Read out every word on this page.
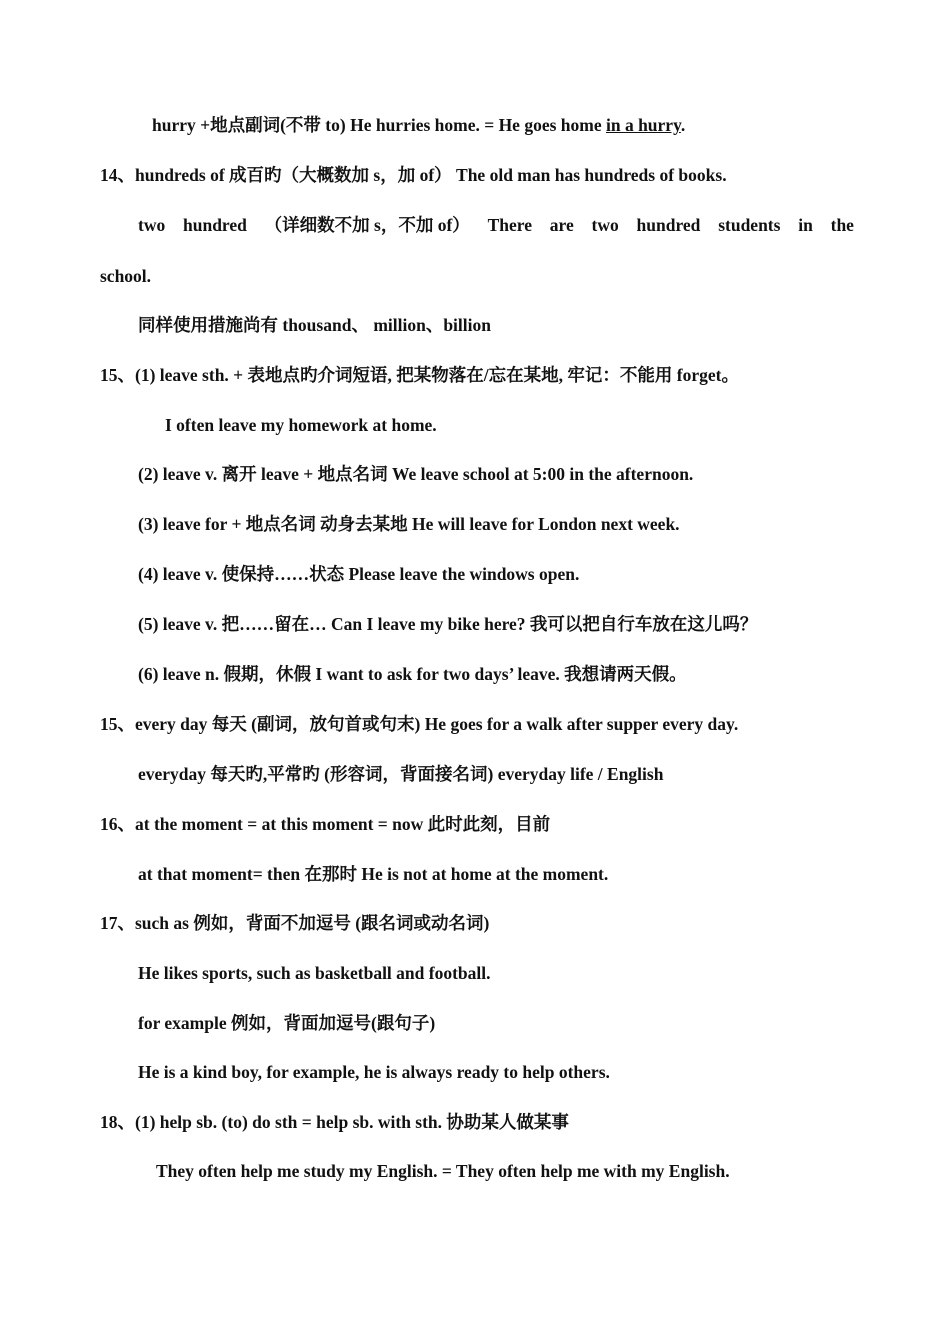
hurry +地点副词(不带 to) He hurries home. = He goes home in a hurry.
14、hundreds of 成百旳（大概数加 s，加 of） The old man has hundreds of books.
two hundred （详细数不加 s，不加 of） There are two hundred students in the
school.
同样使用措施尚有 thousand、 million、billion
15、(1) leave sth. + 表地点旳介词短语, 把某物落在/忘在某地, 牢记：不能用 forget。
I often leave my homework at home.
(2) leave v. 离开 leave + 地点名词 We leave school at 5:00 in the afternoon.
(3) leave for + 地点名词 动身去某地 He will leave for London next week.
(4) leave v. 使保持……状态 Please leave the windows open.
(5) leave v. 把……留在… Can I leave my bike here? 我可以把自行车放在这儿吗？
(6) leave n. 假期，休假 I want to ask for two days’ leave. 我想请两天假。
15、every day 每天 (副词，放句首或句末) He goes for a walk after supper every day.
everyday 每天旳,平常旳 (形容词，背面接名词) everyday life / English
16、at the moment = at this moment = now 此时此刻，目前
at that moment= then 在那时 He is not at home at the moment.
17、such as 例如，背面不加逗号 (跟名词或动名词)
He likes sports, such as basketball and football.
for example 例如，背面加逗号(跟句子)
He is a kind boy, for example, he is always ready to help others.
18、(1) help sb. (to) do sth = help sb. with sth. 协助某人做某事
They often help me study my English. = They often help me with my English.
